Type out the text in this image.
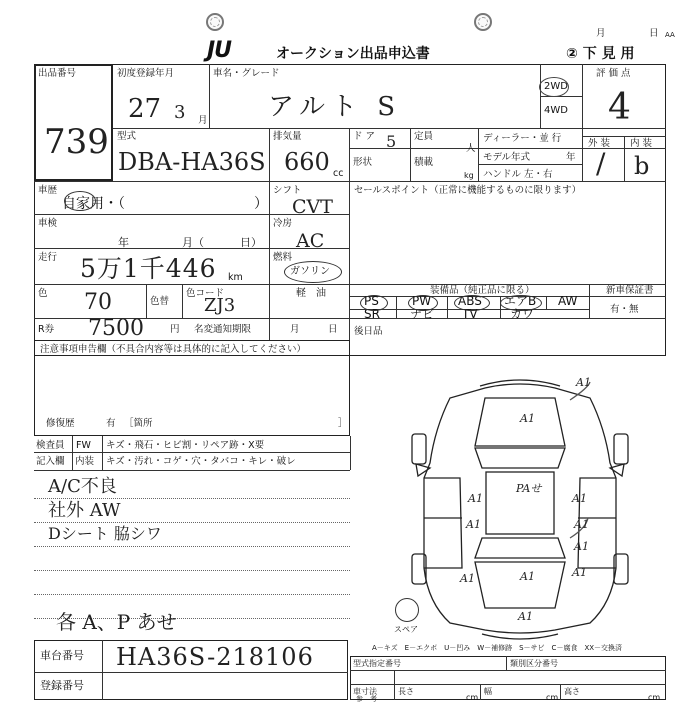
JU	オークション出品申込書
月	日 AA
② 下 見 用
出品番号
739
初度登録年月
27 3 月
車名・グレード
アルト S
2WD
4WD
評 価 点
4
型式
DBA-HA36S
排気量
660 cc
ド ア 5 定員
人
形状	積載
kg
ディーラー・並 行
モデル年式	年
ハンドル 左・右
外 装 内 装
/ b
車歴
自家用・（	）
車検
年	月（	日）
走行 5万1千446 km
色 70	色替
色コード
ZJ3
R券 7500	円 名変通知期限	月	日
シフト
CVT
冷房
AC
燃料
ガソリン
軽　油
セールスポイント（正常に機能するものに限ります）
装備品（純正品に限る）	新車保証書
有・無
PS	PW ABS エアB AW
SR	ナビ TV	カワ
後日品
注意事項申告欄（不具合内容等は具体的に記入してください）
修復歴	有 ［箇所	］
検査員
記入欄
FW キズ・飛石・ヒビ割・リペア跡・X要
内装 キズ・汚れ・コゲ・穴・タバコ・キレ・破レ
A/C不良
社外 AW
Dシート 脇シワ
各 A、P あせ
車台番号 HA36S-218106
登録番号
A1
A1
A1	A1
A1	A1
A1
A1	A1	A1
A1
PAせ
スペア
A－キズ　E－エクボ　U－凹み　W－補修跡　S－サビ　C－腐食　XX－交換済
型式指定番号	類別区分番号
車寸法
参　考
長さ
cm
幅
cm
高さ
cm
